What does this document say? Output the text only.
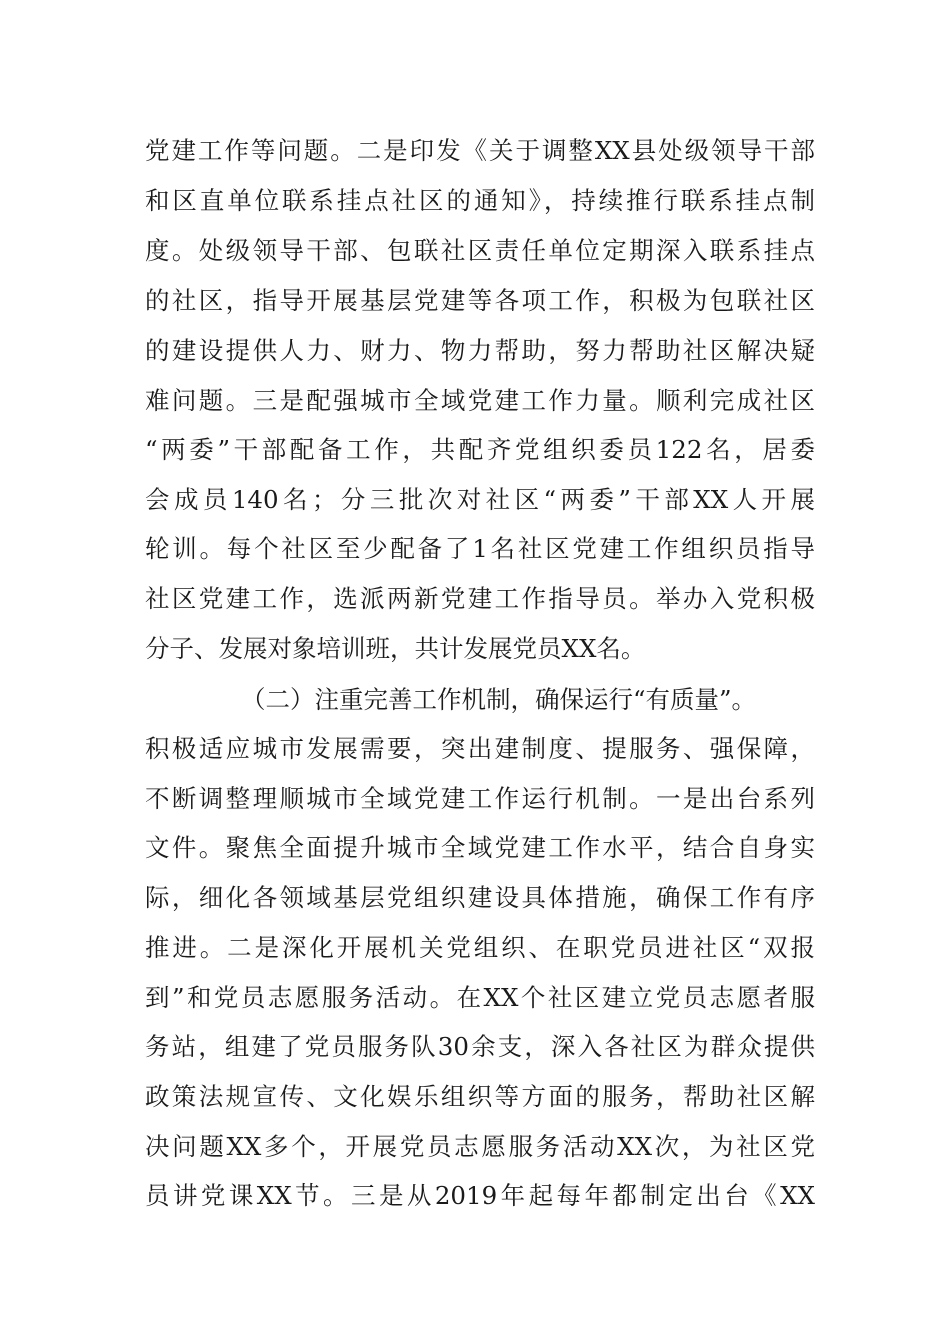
党建工作等问题。二是印发《关于调整XX县处级领导干部
和区直单位联系挂点社区的通知》，持续推行联系挂点制
度。处级领导干部、包联社区责任单位定期深入联系挂点
的社区，指导开展基层党建等各项工作，积极为包联社区
的建设提供人力、财力、物力帮助，努力帮助社区解决疑
难问题。三是配强城市全域党建工作力量。顺利完成社区
“两委”干部配备工作，共配齐党组织委员122名，居委
会成员140名；分三批次对社区“两委”干部XX人开展
轮训。每个社区至少配备了1名社区党建工作组织员指导
社区党建工作，选派两新党建工作指导员。举办入党积极
分子、发展对象培训班，共计发展党员XX名。
（二）注重完善工作机制，确保运行“有质量”。
积极适应城市发展需要，突出建制度、提服务、强保障，
不断调整理顺城市全域党建工作运行机制。一是出台系列
文件。聚焦全面提升城市全域党建工作水平，结合自身实
际，细化各领域基层党组织建设具体措施，确保工作有序
推进。二是深化开展机关党组织、在职党员进社区“双报
到”和党员志愿服务活动。在XX个社区建立党员志愿者服
务站，组建了党员服务队30余支，深入各社区为群众提供
政策法规宣传、文化娱乐组织等方面的服务，帮助社区解
决问题XX多个，开展党员志愿服务活动XX次，为社区党
员讲党课XX节。三是从2019年起每年都制定出台《XX
